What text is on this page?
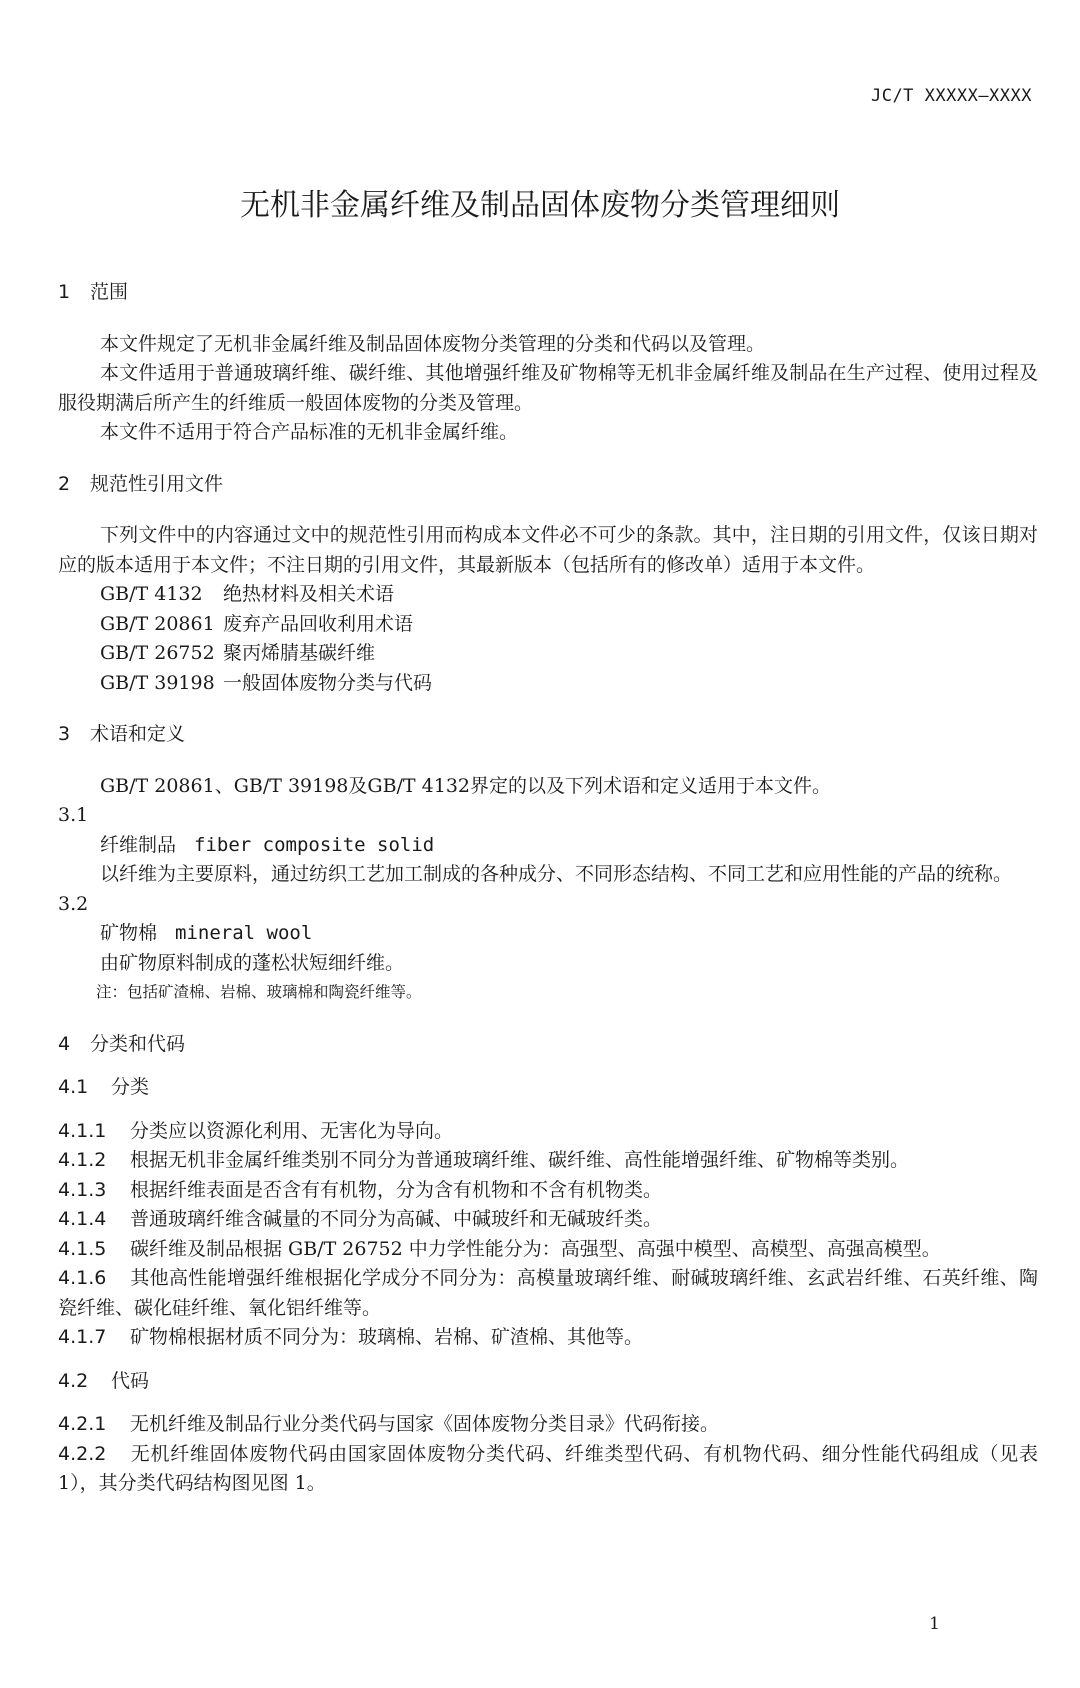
JC/T XXXXX—XXXX
无机非金属纤维及制品固体废物分类管理细则

1 范围

本文件规定了无机非金属纤维及制品固体废物分类管理的分类和代码以及管理。

本文件适用于普通玻璃纤维、碳纤维、其他增强纤维及矿物棉等无机非金属纤维及制品在生产过程、使用过程及服役期满后所产生的纤维质一般固体废物的分类及管理。

本文件不适用于符合产品标准的无机非金属纤维。

2 规范性引用文件

下列文件中的内容通过文中的规范性引用而构成本文件必不可少的条款。其中，注日期的引用文件，仅该日期对应的版本适用于本文件；不注日期的引用文件，其最新版本（包括所有的修改单）适用于本文件。

GB/T 4132 绝热材料及相关术语

GB/T 20861 废弃产品回收利用术语

GB/T 26752 聚丙烯腈基碳纤维

GB/T 39198 一般固体废物分类与代码

3 术语和定义

GB/T 20861、GB/T 39198及GB/T 4132界定的以及下列术语和定义适用于本文件。

3.1

纤维制品 fiber composite solid

以纤维为主要原料，通过纺织工艺加工制成的各种成分、不同形态结构、不同工艺和应用性能的产品的统称。

3.2

矿物棉 mineral wool

由矿物原料制成的蓬松状短细纤维。

注：包括矿渣棉、岩棉、玻璃棉和陶瓷纤维等。

4 分类和代码

4.1 分类

4.1.1 分类应以资源化利用、无害化为导向。

4.1.2 根据无机非金属纤维类别不同分为普通玻璃纤维、碳纤维、高性能增强纤维、矿物棉等类别。

4.1.3 根据纤维表面是否含有有机物，分为含有机物和不含有机物类。

4.1.4 普通玻璃纤维含碱量的不同分为高碱、中碱玻纤和无碱玻纤类。

4.1.5 碳纤维及制品根据 GB/T 26752 中力学性能分为：高强型、高强中模型、高模型、高强高模型。

4.1.6 其他高性能增强纤维根据化学成分不同分为：高模量玻璃纤维、耐碱玻璃纤维、玄武岩纤维、石英纤维、陶瓷纤维、碳化硅纤维、氧化铝纤维等。

4.1.7 矿物棉根据材质不同分为：玻璃棉、岩棉、矿渣棉、其他等。

4.2 代码

4.2.1 无机纤维及制品行业分类代码与国家《固体废物分类目录》代码衔接。

4.2.2 无机纤维固体废物代码由国家固体废物分类代码、纤维类型代码、有机物代码、细分性能代码组成（见表 1），其分类代码结构图见图 1。

1
